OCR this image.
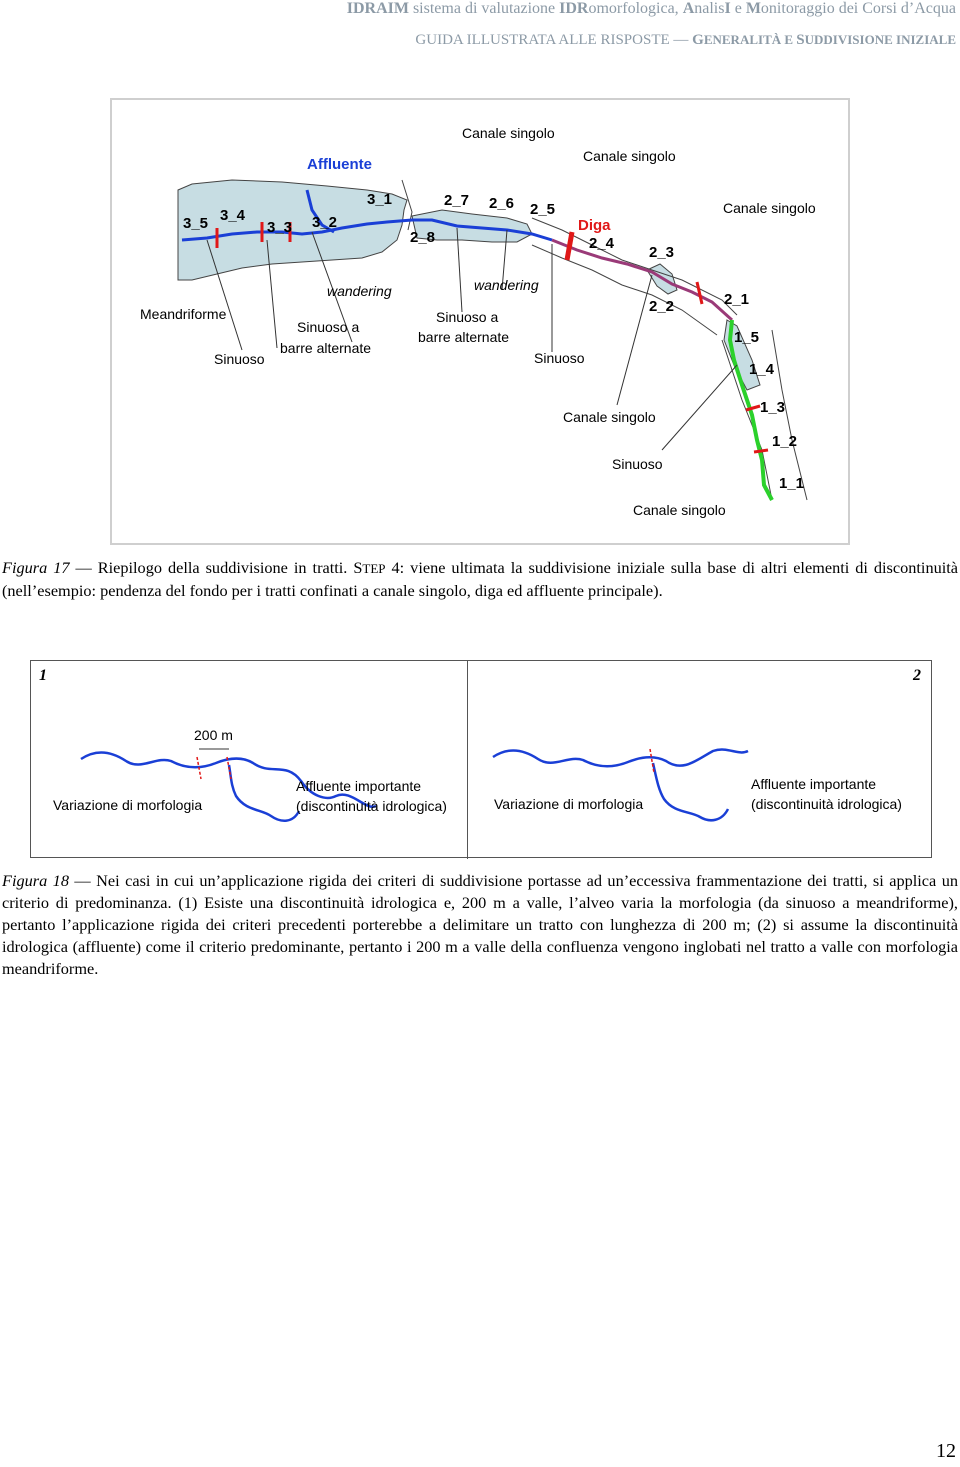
IDRAIM sistema di valutazione IDRomorfologica, AnalisI e Monitoraggio dei Corsi d’Acqua
GUIDA ILLUSTRATA ALLE RISPOSTE — GENERALITÀ E SUDDIVISIONE INIZIALE
Affluente
Canale singolo
Canale singolo
Canale singolo
Canale singolo
Canale singolo
Diga
Meandriforme
Sinuoso	Sinuoso
Sinuoso
Sinuoso a
barre alternate
Sinuoso a
barre alternate
wandering	wandering
3_5 3_4
3_3 3_2
3_1	2_7 2_6 2_5
2_8	2_4
2_3
2_2	2_1
1_5
1_4
1_3
1_2
1_1
Figura 17 — Riepilogo della suddivisione in tratti. STEP 4: viene ultimata la suddivisione iniziale sulla base di altri elementi di discontinuità (nell’esempio: pendenza del fondo per i tratti confinati a canale singolo, diga ed affluente principale).
1	2
200 m
Variazione di morfologia
Affluente importante
(discontinuità idrologica)	Variazione di morfologia
Affluente importante
(discontinuità idrologica)
Figura 18 — Nei casi in cui un’applicazione rigida dei criteri di suddivisione portasse ad un’eccessiva frammentazione dei tratti, si applica un criterio di predominanza. (1) Esiste una discontinuità idrologica e, 200 m a valle, l’alveo varia la morfologia (da sinuoso a meandriforme), pertanto l’applicazione rigida dei criteri precedenti porterebbe a delimitare un tratto con lunghezza di 200 m; (2) si assume la discontinuità idrologica (affluente) come il criterio predominante, pertanto i 200 m a valle della confluenza vengono inglobati nel tratto a valle con morfologia meandriforme.
12
